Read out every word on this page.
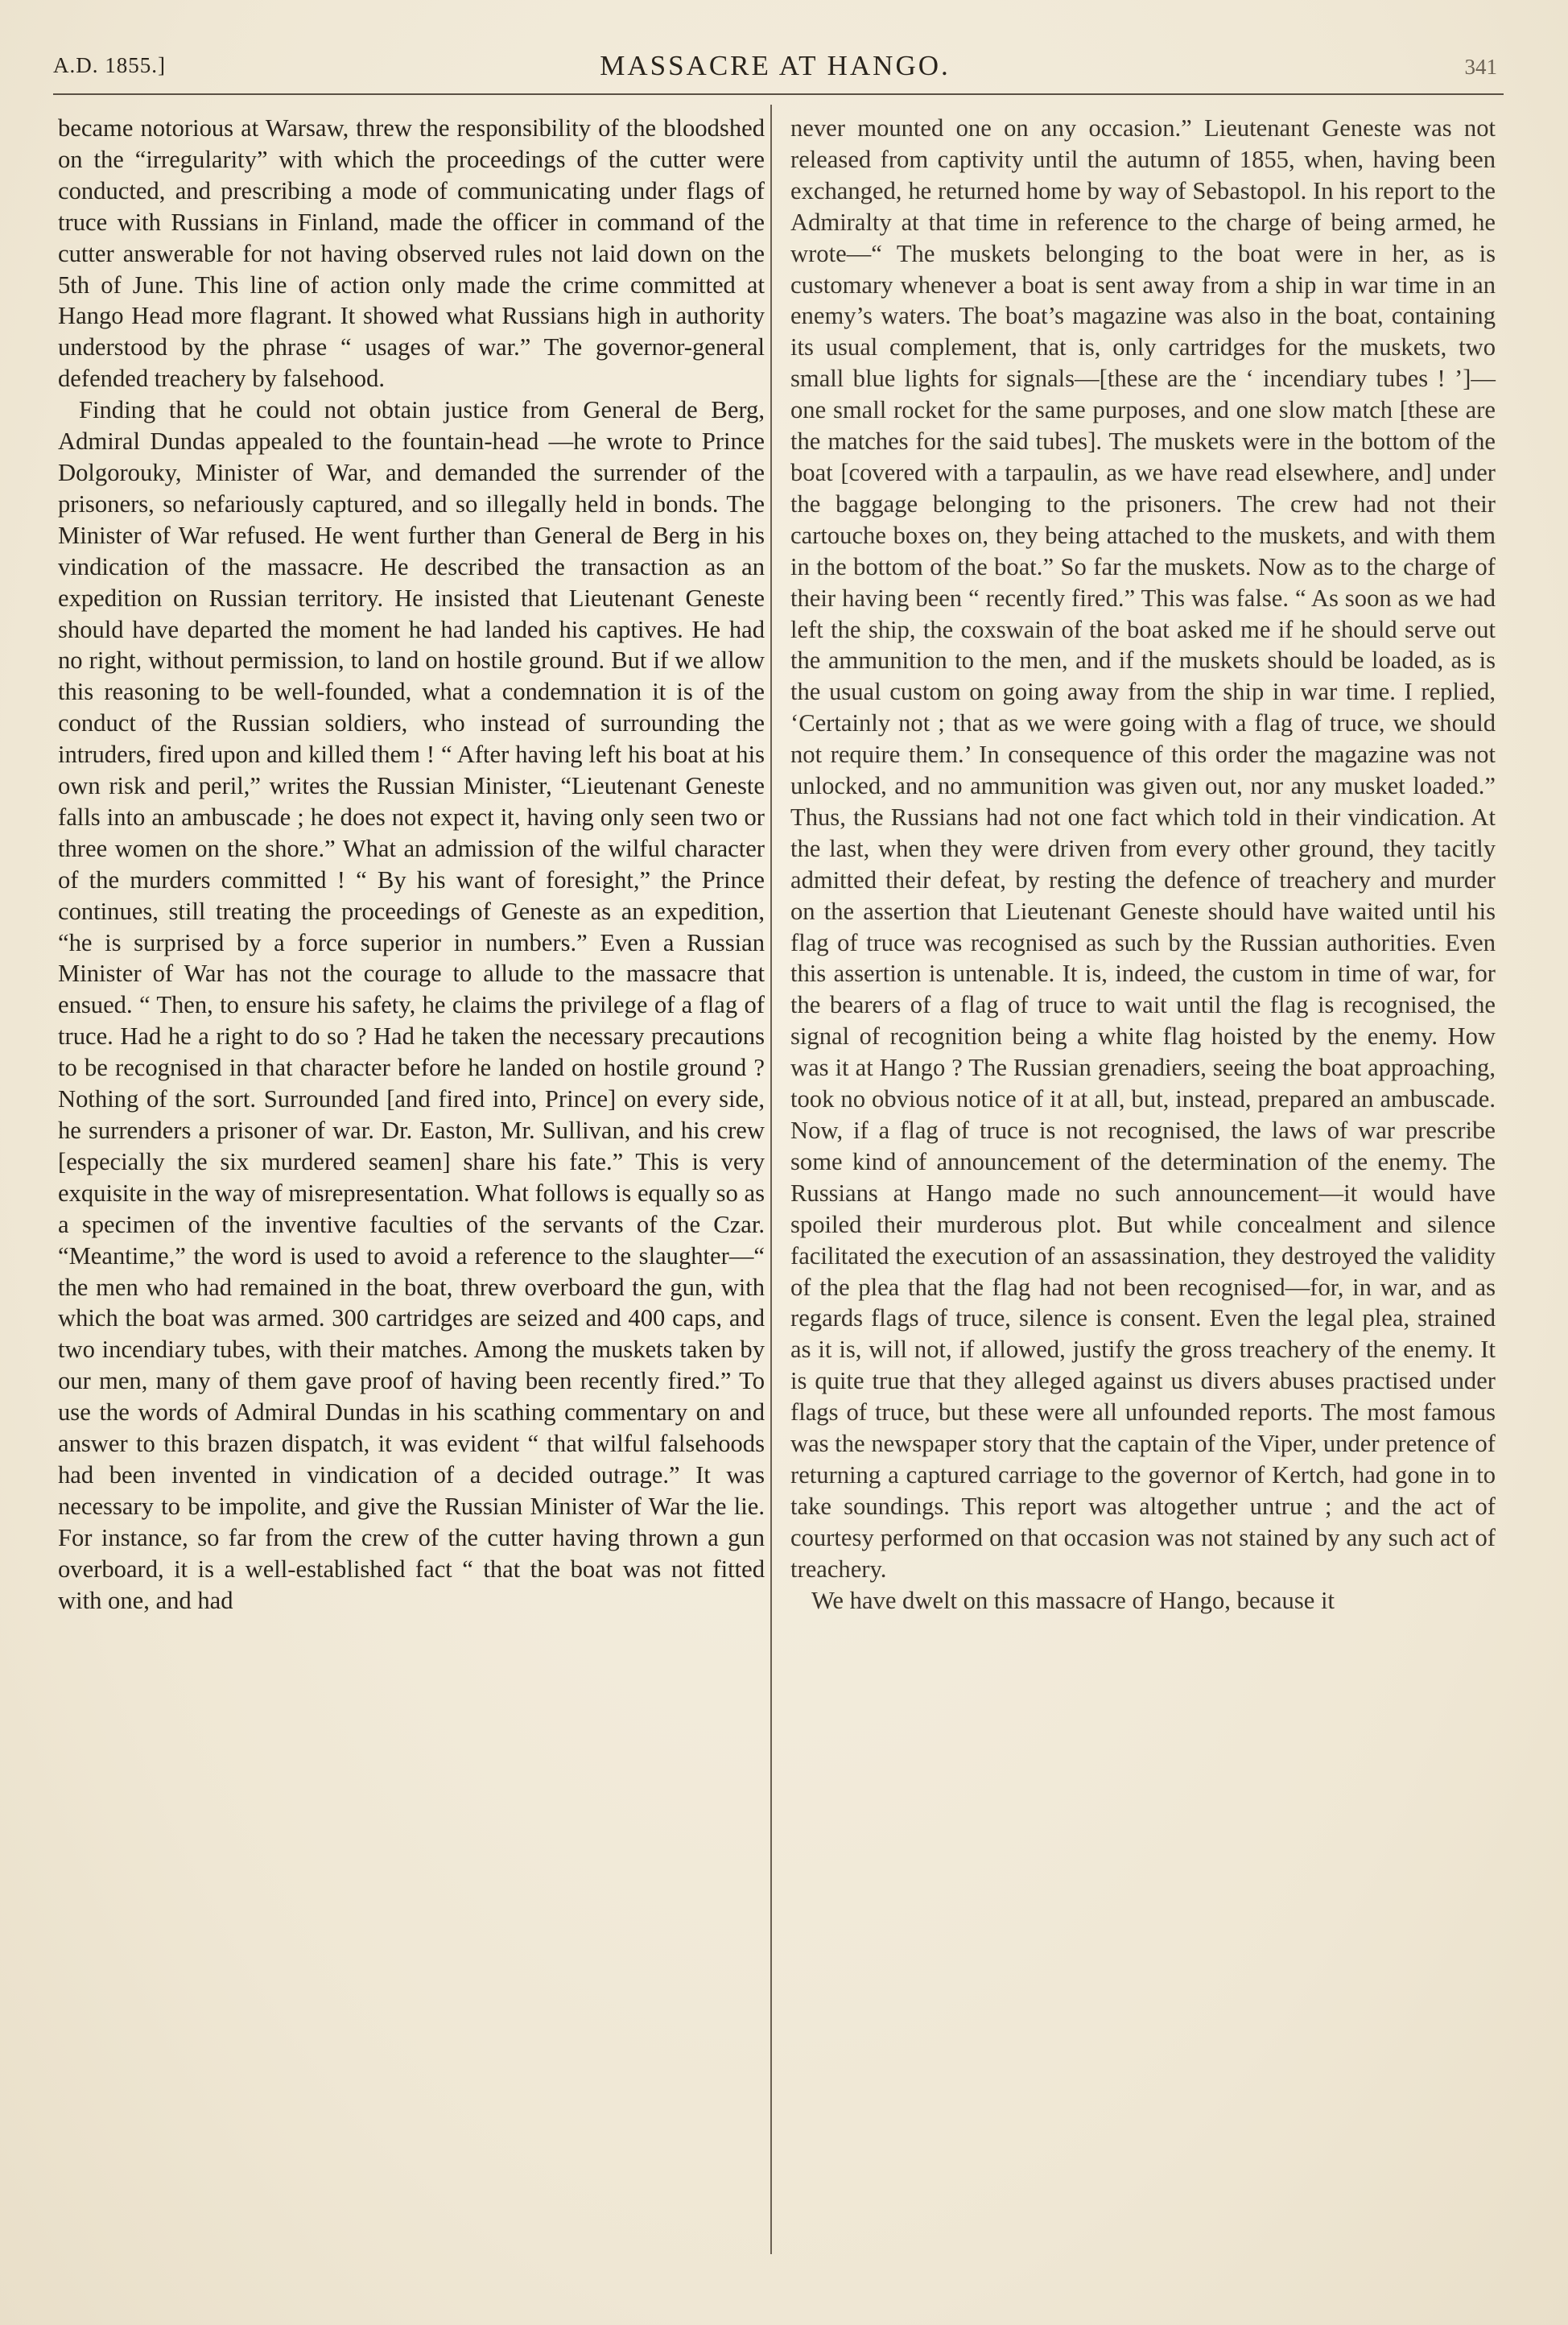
A.D. 1855.]	MASSACRE AT HANGO.	341

became notorious at Warsaw, threw the responsibility of the bloodshed on the “irregularity” with which the proceedings of the cutter were conducted, and prescribing a mode of communicating under flags of truce with Russians in Finland, made the officer in command of the cutter answerable for not having observed rules not laid down on the 5th of June. This line of action only made the crime committed at Hango Head more flagrant. It showed what Russians high in authority understood by the phrase “ usages of war.” The governor-general defended treachery by falsehood.

Finding that he could not obtain justice from General de Berg, Admiral Dundas appealed to the fountain-head —he wrote to Prince Dolgorouky, Minister of War, and demanded the surrender of the prisoners, so nefariously captured, and so illegally held in bonds. The Minister of War refused. He went further than General de Berg in his vindication of the massacre. He described the transaction as an expedition on Russian territory. He insisted that Lieutenant Geneste should have departed the moment he had landed his captives. He had no right, without permission, to land on hostile ground. But if we allow this reasoning to be well-founded, what a condemnation it is of the conduct of the Russian soldiers, who instead of surrounding the intruders, fired upon and killed them ! “ After having left his boat at his own risk and peril,” writes the Russian Minister, “Lieutenant Geneste falls into an ambuscade ; he does not expect it, having only seen two or three women on the shore.” What an admission of the wilful character of the murders committed ! “ By his want of foresight,” the Prince continues, still treating the proceedings of Geneste as an expedition, “he is surprised by a force superior in numbers.” Even a Russian Minister of War has not the courage to allude to the massacre that ensued. “ Then, to ensure his safety, he claims the privilege of a flag of truce. Had he a right to do so ? Had he taken the necessary precautions to be recognised in that character before he landed on hostile ground ? Nothing of the sort. Surrounded [and fired into, Prince] on every side, he surrenders a prisoner of war. Dr. Easton, Mr. Sullivan, and his crew [especially the six murdered seamen] share his fate.” This is very exquisite in the way of misrepresentation. What follows is equally so as a specimen of the inventive faculties of the servants of the Czar. “Meantime,” the word is used to avoid a reference to the slaughter—“ the men who had remained in the boat, threw overboard the gun, with which the boat was armed. 300 cartridges are seized and 400 caps, and two incendiary tubes, with their matches. Among the muskets taken by our men, many of them gave proof of having been recently fired.” To use the words of Admiral Dundas in his scathing commentary on and answer to this brazen dispatch, it was evident “ that wilful falsehoods had been invented in vindication of a decided outrage.” It was necessary to be impolite, and give the Russian Minister of War the lie. For instance, so far from the crew of the cutter having thrown a gun overboard, it is a well-established fact “ that the boat was not fitted with one, and had

never mounted one on any occasion.” Lieutenant Geneste was not released from captivity until the autumn of 1855, when, having been exchanged, he returned home by way of Sebastopol. In his report to the Admiralty at that time in reference to the charge of being armed, he wrote—“ The muskets belonging to the boat were in her, as is customary whenever a boat is sent away from a ship in war time in an enemy’s waters. The boat’s magazine was also in the boat, containing its usual complement, that is, only cartridges for the muskets, two small blue lights for signals—[these are the ‘ incendiary tubes ! ’]—one small rocket for the same purposes, and one slow match [these are the matches for the said tubes]. The muskets were in the bottom of the boat [covered with a tarpaulin, as we have read elsewhere, and] under the baggage belonging to the prisoners. The crew had not their cartouche boxes on, they being attached to the muskets, and with them in the bottom of the boat.” So far the muskets. Now as to the charge of their having been “ recently fired.” This was false. “ As soon as we had left the ship, the coxswain of the boat asked me if he should serve out the ammunition to the men, and if the muskets should be loaded, as is the usual custom on going away from the ship in war time. I replied, ‘Certainly not ; that as we were going with a flag of truce, we should not require them.’ In consequence of this order the magazine was not unlocked, and no ammunition was given out, nor any musket loaded.” Thus, the Russians had not one fact which told in their vindication. At the last, when they were driven from every other ground, they tacitly admitted their defeat, by resting the defence of treachery and murder on the assertion that Lieutenant Geneste should have waited until his flag of truce was recognised as such by the Russian authorities. Even this assertion is untenable. It is, indeed, the custom in time of war, for the bearers of a flag of truce to wait until the flag is recognised, the signal of recognition being a white flag hoisted by the enemy. How was it at Hango ? The Russian grenadiers, seeing the boat approaching, took no obvious notice of it at all, but, instead, prepared an ambuscade. Now, if a flag of truce is not recognised, the laws of war prescribe some kind of announcement of the determination of the enemy. The Russians at Hango made no such announcement—it would have spoiled their murderous plot. But while concealment and silence facilitated the execution of an assassination, they destroyed the validity of the plea that the flag had not been recognised—for, in war, and as regards flags of truce, silence is consent. Even the legal plea, strained as it is, will not, if allowed, justify the gross treachery of the enemy. It is quite true that they alleged against us divers abuses practised under flags of truce, but these were all unfounded reports. The most famous was the newspaper story that the captain of the Viper, under pretence of returning a captured carriage to the governor of Kertch, had gone in to take soundings. This report was altogether untrue ; and the act of courtesy performed on that occasion was not stained by any such act of treachery.

We have dwelt on this massacre of Hango, because it
